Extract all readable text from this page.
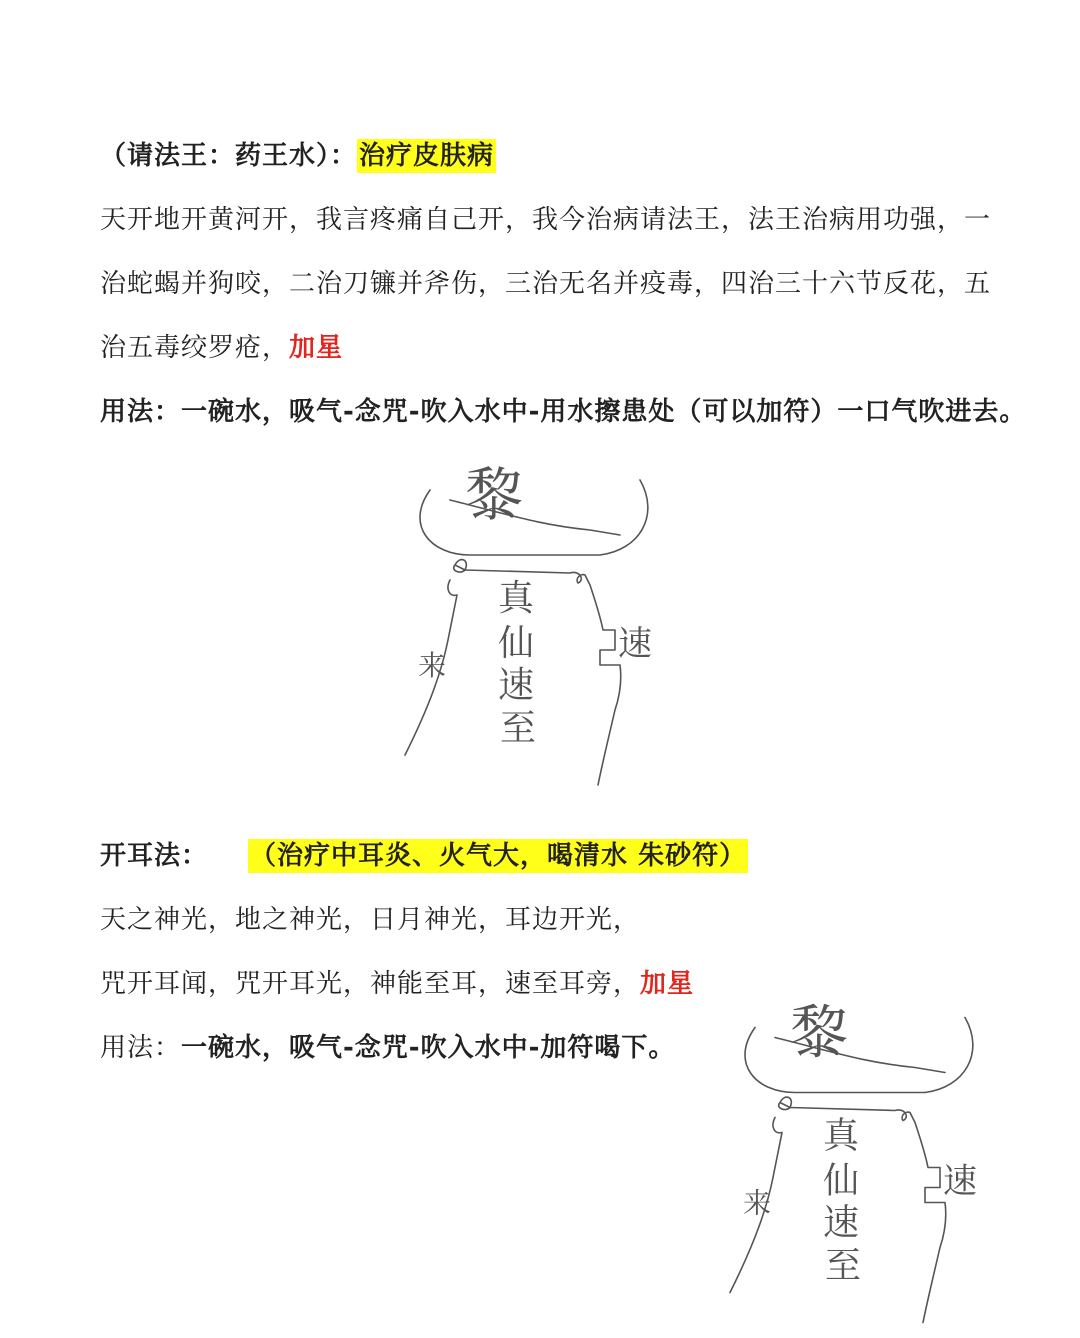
（请法王：药王水）：治疗皮肤病
天开地开黄河开，我言疼痛自己开，我今治病请法王，法王治病用功强，一
治蛇蝎并狗咬，二治刀镰并斧伤，三治无名并疫毒，四治三十六节反花，五
治五毒绞罗疮，加星
用法：一碗水，吸气-念咒-吹入水中-用水擦患处（可以加符）一口气吹进去。
黎
真
仙
速
至
来
速
开耳法： （治疗中耳炎、火气大，喝清水 朱砂符）
天之神光，地之神光，日月神光，耳边开光，
咒开耳闻，咒开耳光，神能至耳，速至耳旁，加星
用法：一碗水，吸气-念咒-吹入水中-加符喝下。 黎
真
仙
速
至
来
速
